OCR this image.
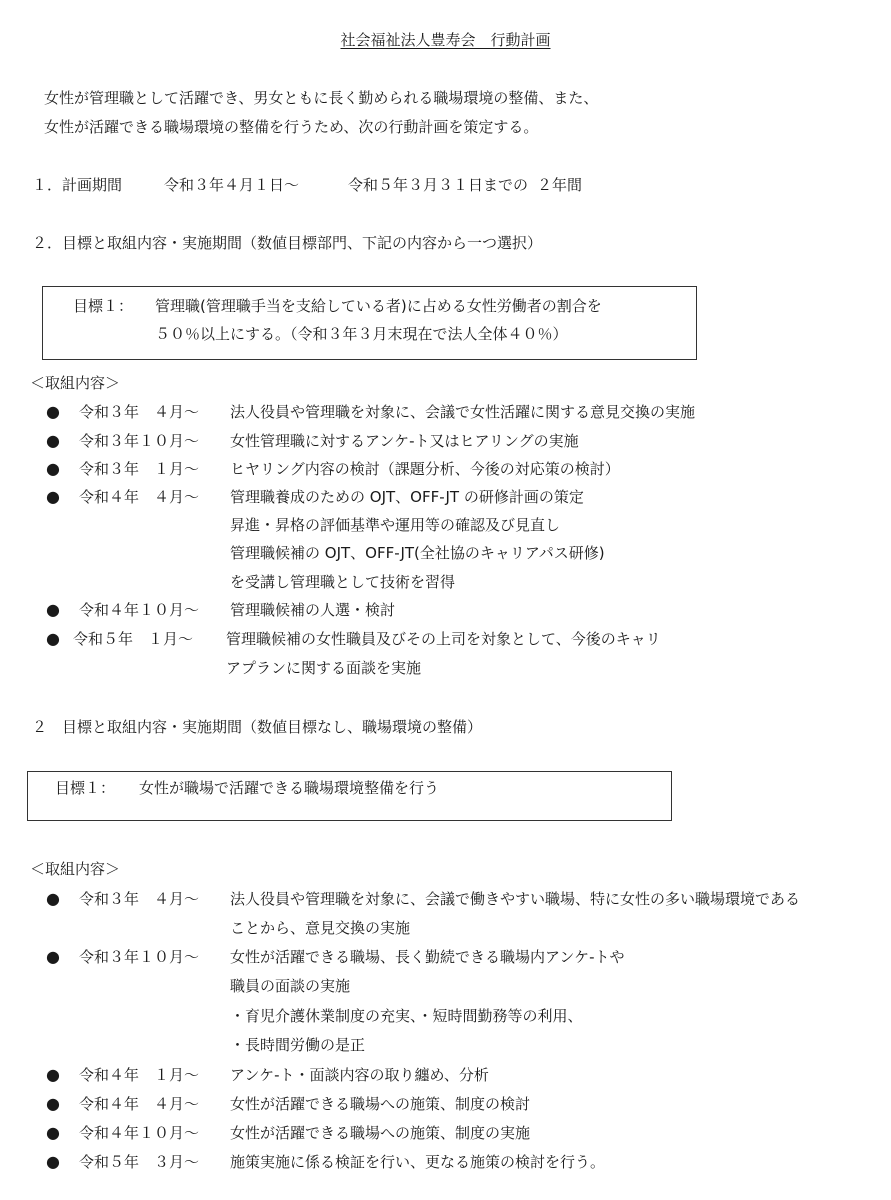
社会福祉法人豊寿会　行動計画
女性が管理職として活躍でき、男女ともに長く勤められる職場環境の整備、また、
女性が活躍できる職場環境の整備を行うため、次の行動計画を策定する。
１．計画期間	令和３年４月１日～	令和５年３月３１日までの ２年間
２．目標と取組内容・実施期間（数値目標部門、下記の内容から一つ選択）
目標１： 管理職(管理職手当を支給している者)に占める女性労働者の割合を
５０％以上にする。（令和３年３月末現在で法人全体４０％）
＜取組内容＞
● 令和３年　４月～ 法人役員や管理職を対象に、会議で女性活躍に関する意見交換の実施
● 令和３年１０月～ 女性管理職に対するアンケ-ト又はヒアリングの実施
● 令和３年　１月～ ヒヤリング内容の検討（課題分析、今後の対応策の検討）
● 令和４年　４月～ 管理職養成のための OJT、OFF-JT の研修計画の策定
昇進・昇格の評価基準や運用等の確認及び見直し
管理職候補の OJT、OFF-JT(全社協のキャリアパス研修)
を受講し管理職として技術を習得
● 令和４年１０月～ 管理職候補の人選・検討
● 令和５年　１月～ 管理職候補の女性職員及びその上司を対象として、今後のキャリ
アプランに関する面談を実施
２　目標と取組内容・実施期間（数値目標なし、職場環境の整備）
目標１： 女性が職場で活躍できる職場環境整備を行う
＜取組内容＞
● 令和３年　４月～ 法人役員や管理職を対象に、会議で働きやすい職場、特に女性の多い職場環境である
ことから、意見交換の実施
● 令和３年１０月～ 女性が活躍できる職場、長く勤続できる職場内アンケ-トや
職員の面談の実施
・育児介護休業制度の充実、・短時間勤務等の利用、
・長時間労働の是正
● 令和４年　１月～ アンケ-ト・面談内容の取り纏め、分析
● 令和４年　４月～ 女性が活躍できる職場への施策、制度の検討
● 令和４年１０月～ 女性が活躍できる職場への施策、制度の実施
● 令和５年　３月～ 施策実施に係る検証を行い、更なる施策の検討を行う。
